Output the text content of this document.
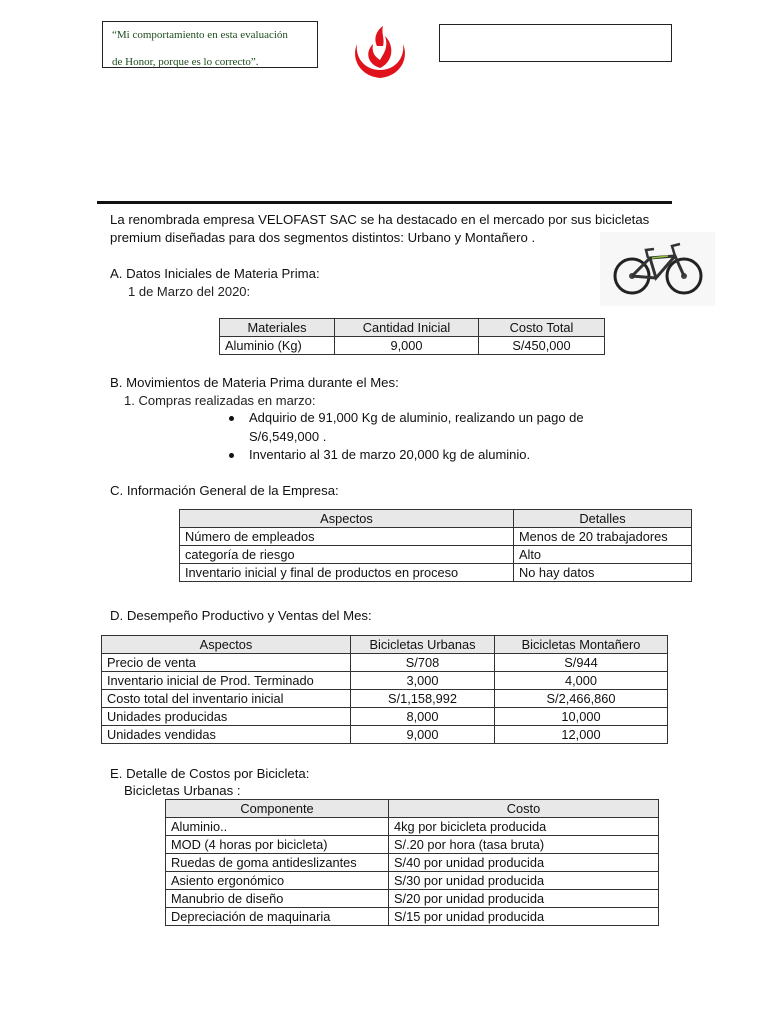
“Mi comportamiento en esta evaluación
de Honor, porque es lo correcto”.
La renombrada empresa VELOFAST SAC se ha destacado en el mercado por sus bicicletas
premium diseñadas para dos segmentos distintos: Urbano y Montañero .
A. Datos Iniciales de Materia Prima:
1 de Marzo del 2020:
Materiales	Cantidad Inicial	Costo Total
Aluminio (Kg)	9,000	S/450,000
B. Movimientos de Materia Prima durante el Mes:
1. Compras realizadas en marzo:
Adquirio de 91,000 Kg de aluminio, realizando un pago de
S/6,549,000 .
Inventario al 31 de marzo 20,000 kg de aluminio.
C. Información General de la Empresa:
Aspectos	Detalles
Número de empleados	Menos de 20 trabajadores
categoría de riesgo	Alto
Inventario inicial y final de productos en proceso	No hay datos
D. Desempeño Productivo y Ventas del Mes:
Aspectos	Bicicletas Urbanas	Bicicletas Montañero
Precio de venta	S/708	S/944
Inventario inicial de Prod. Terminado	3,000	4,000
Costo total del inventario inicial	S/1,158,992	S/2,466,860
Unidades producidas	8,000	10,000
Unidades vendidas	9,000	12,000
E. Detalle de Costos por Bicicleta:
Bicicletas Urbanas :
Componente	Costo
Aluminio..	4kg por bicicleta producida
MOD (4 horas por bicicleta)	S/.20 por hora (tasa bruta)
Ruedas de goma antideslizantes	S/40 por unidad producida
Asiento ergonómico	S/30 por unidad producida
Manubrio de diseño	S/20 por unidad producida
Depreciación de maquinaria	S/15 por unidad producida
